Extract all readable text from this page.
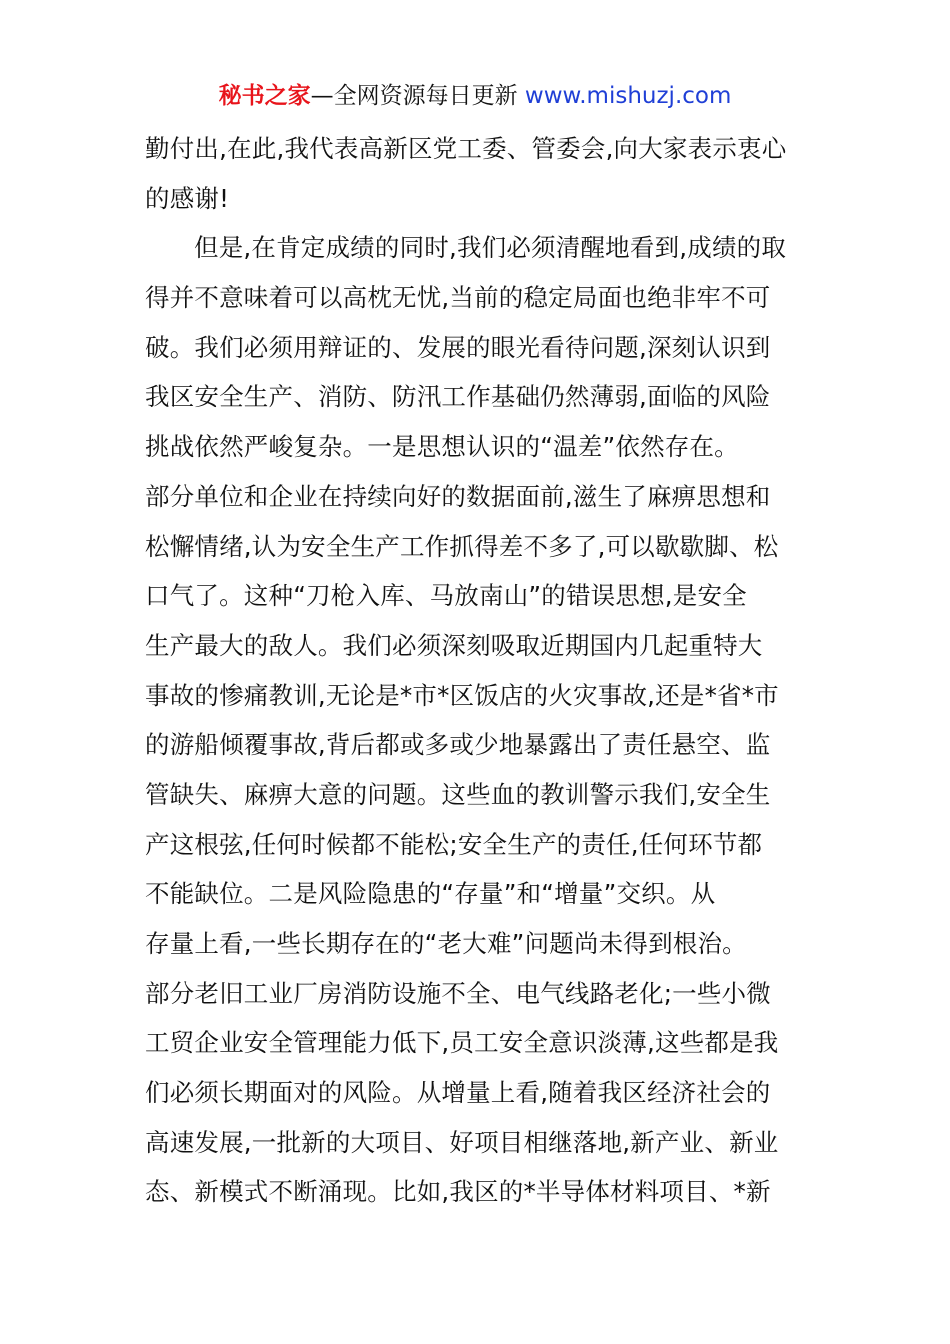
秘书之家—全网资源每日更新 www.mishuzj.com
勤付出,在此,我代表高新区党工委、管委会,向大家表示衷心
的感谢!
但是,在肯定成绩的同时,我们必须清醒地看到,成绩的取
得并不意味着可以高枕无忧,当前的稳定局面也绝非牢不可
破。我们必须用辩证的、发展的眼光看待问题,深刻认识到
我区安全生产、消防、防汛工作基础仍然薄弱,面临的风险
挑战依然严峻复杂。一是思想认识的“温差”依然存在。
部分单位和企业在持续向好的数据面前,滋生了麻痹思想和
松懈情绪,认为安全生产工作抓得差不多了,可以歇歇脚、松
口气了。这种“刀枪入库、马放南山”的错误思想,是安全
生产最大的敌人。我们必须深刻吸取近期国内几起重特大
事故的惨痛教训,无论是*市*区饭店的火灾事故,还是*省*市
的游船倾覆事故,背后都或多或少地暴露出了责任悬空、监
管缺失、麻痹大意的问题。这些血的教训警示我们,安全生
产这根弦,任何时候都不能松;安全生产的责任,任何环节都
不能缺位。二是风险隐患的“存量”和“增量”交织。从
存量上看,一些长期存在的“老大难”问题尚未得到根治。
部分老旧工业厂房消防设施不全、电气线路老化;一些小微
工贸企业安全管理能力低下,员工安全意识淡薄,这些都是我
们必须长期面对的风险。从增量上看,随着我区经济社会的
高速发展,一批新的大项目、好项目相继落地,新产业、新业
态、新模式不断涌现。比如,我区的*半导体材料项目、*新
